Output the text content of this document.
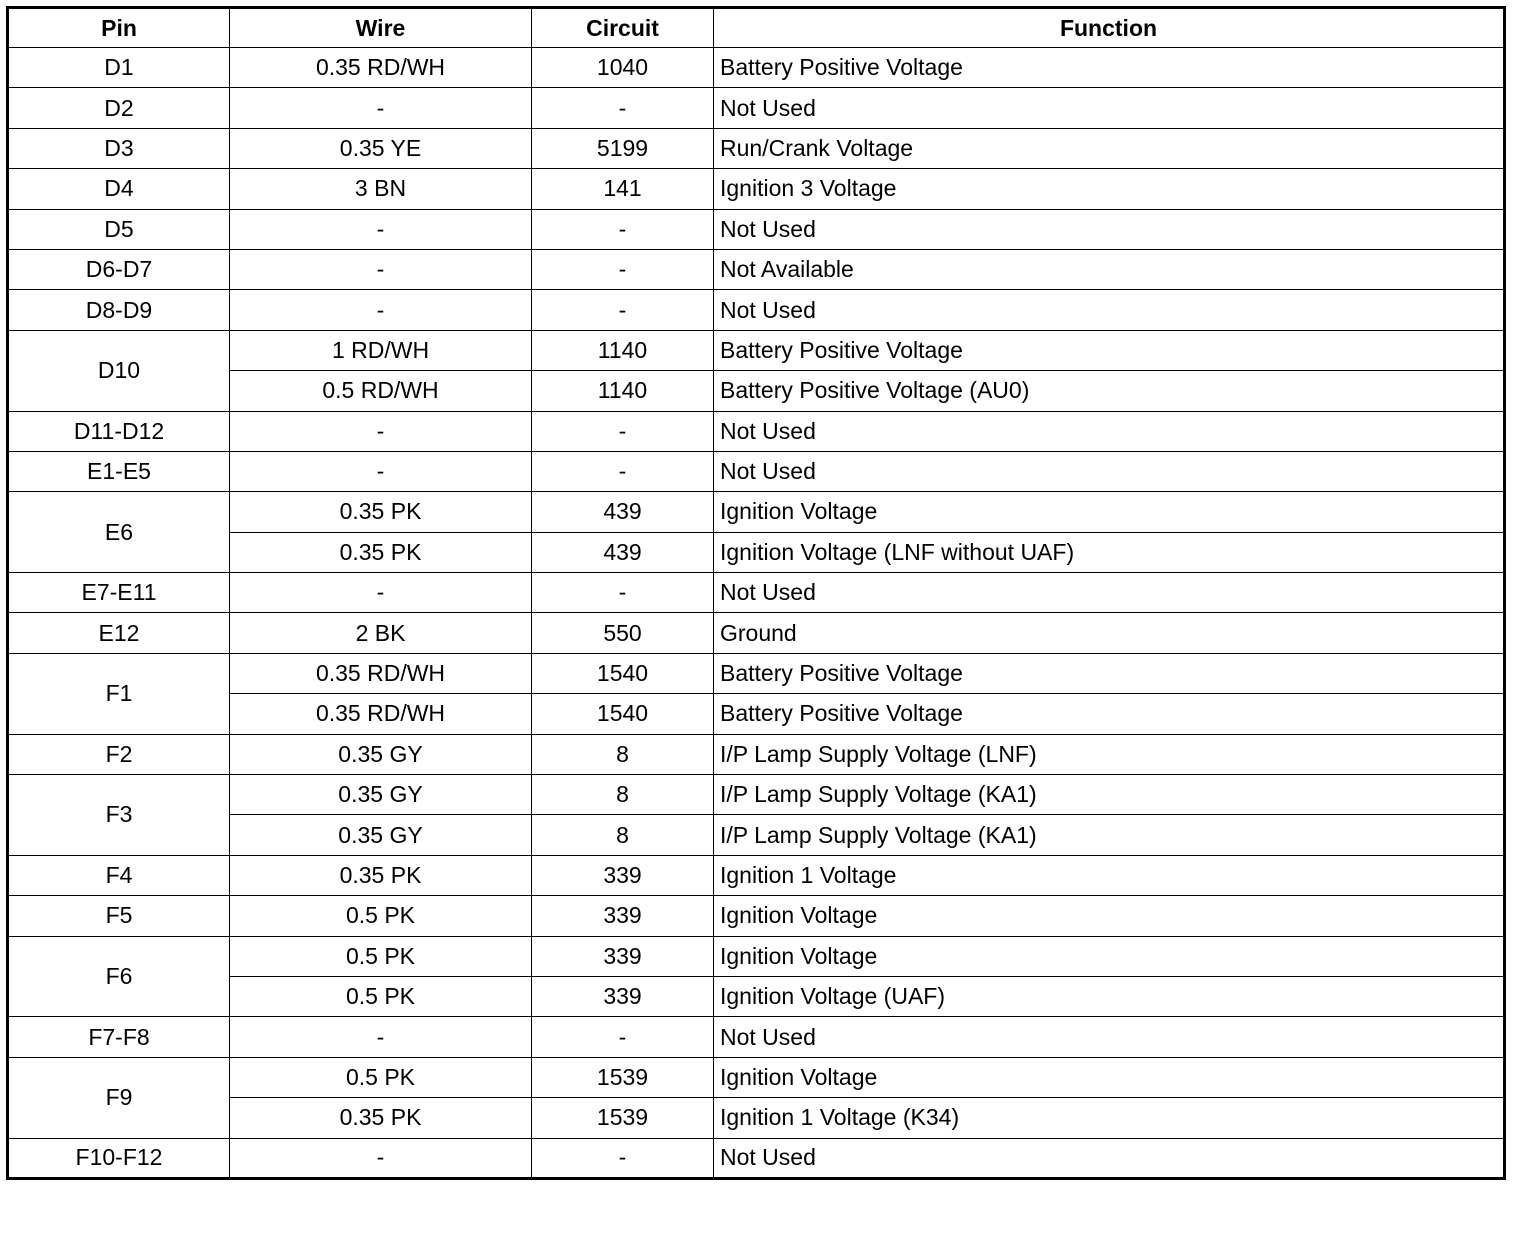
Pin	Wire	Circuit	Function
D1	0.35 RD/WH	1040	Battery Positive Voltage
D2	-	-	Not Used
D3	0.35 YE	5199	Run/Crank Voltage
D4	3 BN	141	Ignition 3 Voltage
D5	-	-	Not Used
D6-D7	-	-	Not Available
D8-D9	-	-	Not Used
D10	1 RD/WH	1140	Battery Positive Voltage
	0.5 RD/WH	1140	Battery Positive Voltage (AU0)
D11-D12	-	-	Not Used
E1-E5	-	-	Not Used
E6	0.35 PK	439	Ignition Voltage
	0.35 PK	439	Ignition Voltage (LNF without UAF)
E7-E11	-	-	Not Used
E12	2 BK	550	Ground
F1	0.35 RD/WH	1540	Battery Positive Voltage
	0.35 RD/WH	1540	Battery Positive Voltage
F2	0.35 GY	8	I/P Lamp Supply Voltage (LNF)
F3	0.35 GY	8	I/P Lamp Supply Voltage (KA1)
	0.35 GY	8	I/P Lamp Supply Voltage (KA1)
F4	0.35 PK	339	Ignition 1 Voltage
F5	0.5 PK	339	Ignition Voltage
F6	0.5 PK	339	Ignition Voltage
	0.5 PK	339	Ignition Voltage (UAF)
F7-F8	-	-	Not Used
F9	0.5 PK	1539	Ignition Voltage
	0.35 PK	1539	Ignition 1 Voltage (K34)
F10-F12	-	-	Not Used
